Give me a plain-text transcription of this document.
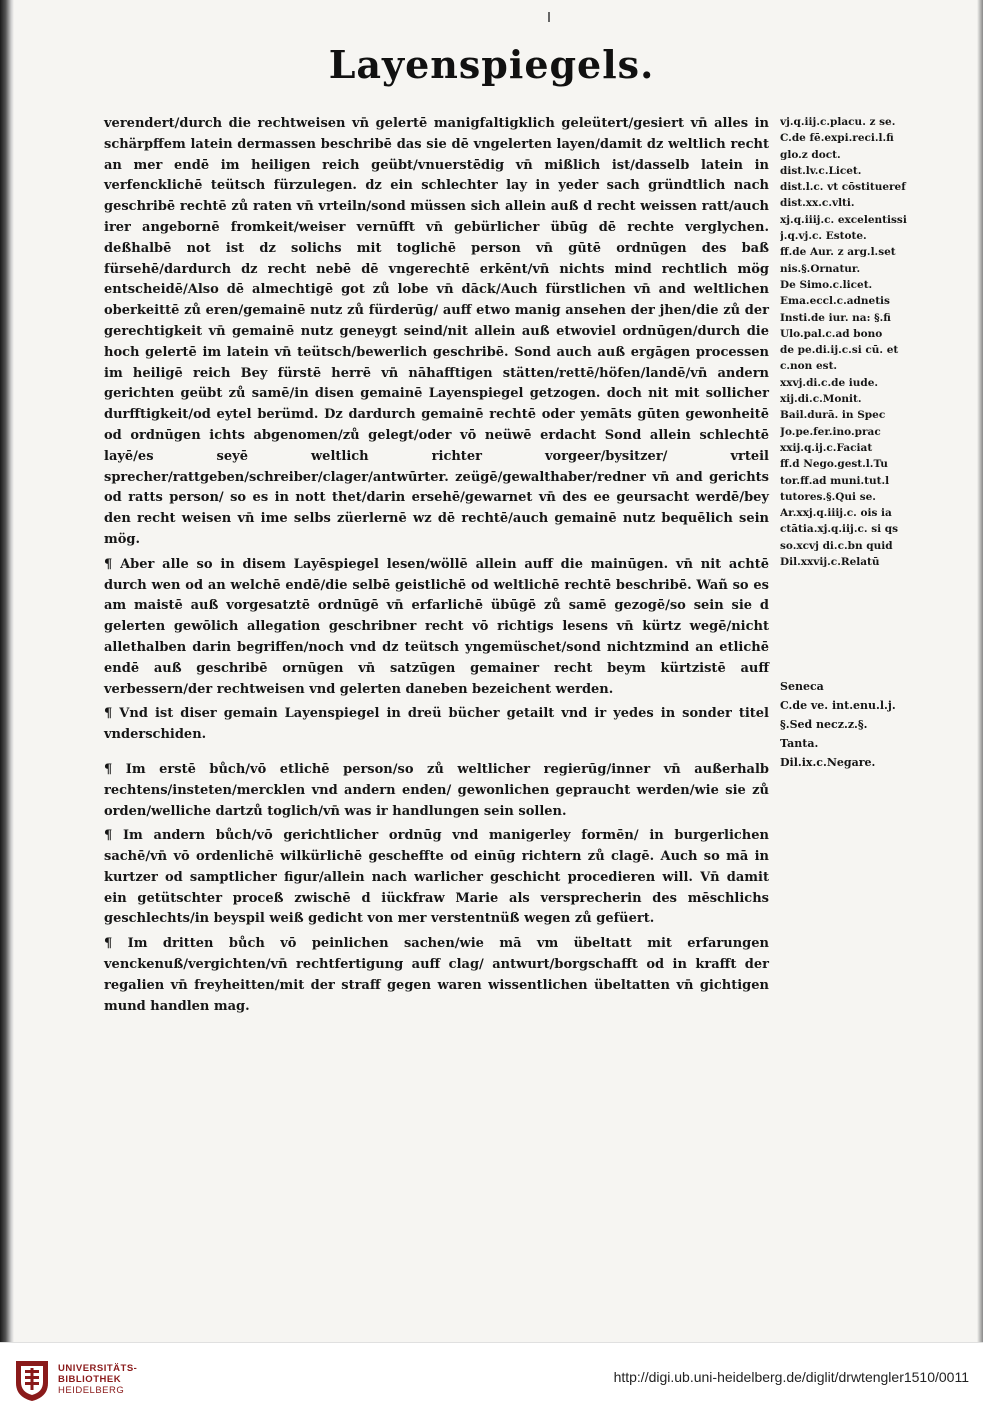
Layenspiegels.

verendert/durch die rechtweisen vn̄ gelertē manigfaltigklich geleütert/gesiert vn̄ alles in schärpffem latein dermassen beschribē das sie dē vngelerten layen/damit dz weltlich recht an mer endē im heiligen reich geübt/vnuerstēdig vn̄ mißlich ist/dasselb latein in verfencklichē teütsch fürzulegen. dz ein schlechter lay in yeder sach gründtlich nach geschribē rechtē zů raten vn̄ vrteiln/sond müssen sich allein auß d recht weissen ratt/auch irer angebornē fromkeit/weiser vernūfft vn̄ gebürlicher übūg dē rechte verglychen. deßhalbē not ist dz solichs mit toglichē person vn̄ gūtē ordnūgen des baß fürsehē/dardurch dz recht nebē dē vngerechtē erkēnt/vn̄ nichts mind rechtlich mög entscheidē/Also dē almechtigē got zů lobe vn̄ dāck/Auch fürstlichen vn̄ and weltlichen oberkeittē zů eren/gemainē nutz zů fürderūg/ auff etwo manig ansehen der jhen/die zů der gerechtigkeit vn̄ gemainē nutz geneygt seind/nit allein auß etwoviel ordnūgen/durch die hoch gelertē im latein vn̄ teütsch/bewerlich geschribē. Sond auch auß ergāgen processen im heiligē reich Bey fürstē herrē vn̄ nāhafftigen stätten/rettē/höfen/landē/vn̄ andern gerichten geübt zů samē/in disen gemainē Layenspiegel getzogen. doch nit mit sollicher durfftigkeit/od eytel berümd. Dz dardurch gemainē rechtē oder yemāts gūten gewonheitē od ordnūgen ichts abgenomen/zů gelegt/oder vō neüwē erdacht Sond allein schlechtē layē/es seyē weltlich richter vorgeer/bysitzer/ vrteil sprecher/rattgeben/schreiber/clager/antwūrter. zeügē/gewalthaber/redner vn̄ and gerichts od ratts person/ so es in nott thet/darin ersehē/gewarnet vn̄ des ee geursacht werdē/bey den recht weisen vn̄ ime selbs züerlernē wz dē rechtē/auch gemainē nutz bequēlich sein mög.

¶ Aber alle so in disem Layēspiegel lesen/wöllē allein auff die mainūgen. vn̄ nit achtē durch wen od an welchē endē/die selbē geistlichē od weltlichē rechtē beschribē. Wañ so es am maistē auß vorgesatztē ordnūgē vn̄ erfarlichē übūgē zů samē gezogē/so sein sie d gelerten gewōlich allegation geschribner recht vō richtigs lesens vn̄ kürtz wegē/nicht allethalben darin begriffen/noch vnd dz teütsch yngemüschet/sond nichtzmind an etlichē endē auß geschribē ornūgen vn̄ satzūgen gemainer recht beym kürtzistē auff verbessern/der rechtweisen vnd gelerten daneben bezeichent werden.

¶ Vnd ist diser gemain Layenspiegel in dreü bücher getailt vnd ir yedes in sonder titel vnderschiden.

¶ Im erstē bůch/vō etlichē person/so zů weltlicher regierūg/inner vn̄ außerhalb rechtens/insteten/mercklen vnd andern enden/ gewonlichen gepraucht werden/wie sie zů orden/welliche dartzů toglich/vn̄ was ir handlungen sein sollen.

¶ Im andern bůch/vō gerichtlicher ordnūg vnd manigerley formēn/ in burgerlichen sachē/vn̄ vō ordenlichē wilkürlichē gescheffte od einūg richtern zů clagē. Auch so mā in kurtzer od samptlicher figur/allein nach warlicher geschicht procedieren will. Vn̄ damit ein getütschter proceß zwischē d iückfraw Marie als versprecherin des mēschlichs geschlechts/in beyspil weiß gedicht von mer verstentnüß wegen zů gefüert.

¶ Im dritten bůch vō peinlichen sachen/wie mā vm übeltatt mit erfarungen venckenuß/vergichten/vn̄ rechtfertigung auff clag/ antwurt/borgschafft od in krafft der regalien vn̄ freyheitten/mit der straff gegen waren wissentlichen übeltatten vn̄ gichtigen mund handlen mag.

vj.q.iij.c.placu. z se.
C.de fē.expi.reci.l.fi
glo.z doct.
dist.lv.c.Licet.
dist.l.c. vt cōstitueref
dist.xx.c.vlti.
xj.q.iiij.c. excelentissi
j.q.vj.c. Estote.
ff.de Aur. z arg.l.set
nis.§.Ornatur.
De Simo.c.licet.
Ema.eccl.c.adnetis
Insti.de iur. na: §.fi
Ulo.pal.c.ad bono
de pe.di.ij.c.si cū. et
c.non est.
xxvj.di.c.de iude.
xij.di.c.Monit.
Bail.durā. in Spec
Jo.pe.fer.ino.prac
xxij.q.ij.c.Faciat
ff.d Nego.gest.l.Tu
tor.ff.ad muni.tut.l
tutores.§.Qui se.
Ar.xxj.q.iiij.c. ois ia
ctātia.xj.q.iij.c. si qs
so.xcvj di.c.bn quid
Dil.xxvij.c.Relatū
Seneca
C.de ve. int.enu.l.j.
§.Sed necz.z.§.
Tanta.
Dil.ix.c.Negare.
UNIVERSITÄTS-
BIBLIOTHEK
HEIDELBERG
http://digi.ub.uni-heidelberg.de/diglit/drwtengler1510/0011
